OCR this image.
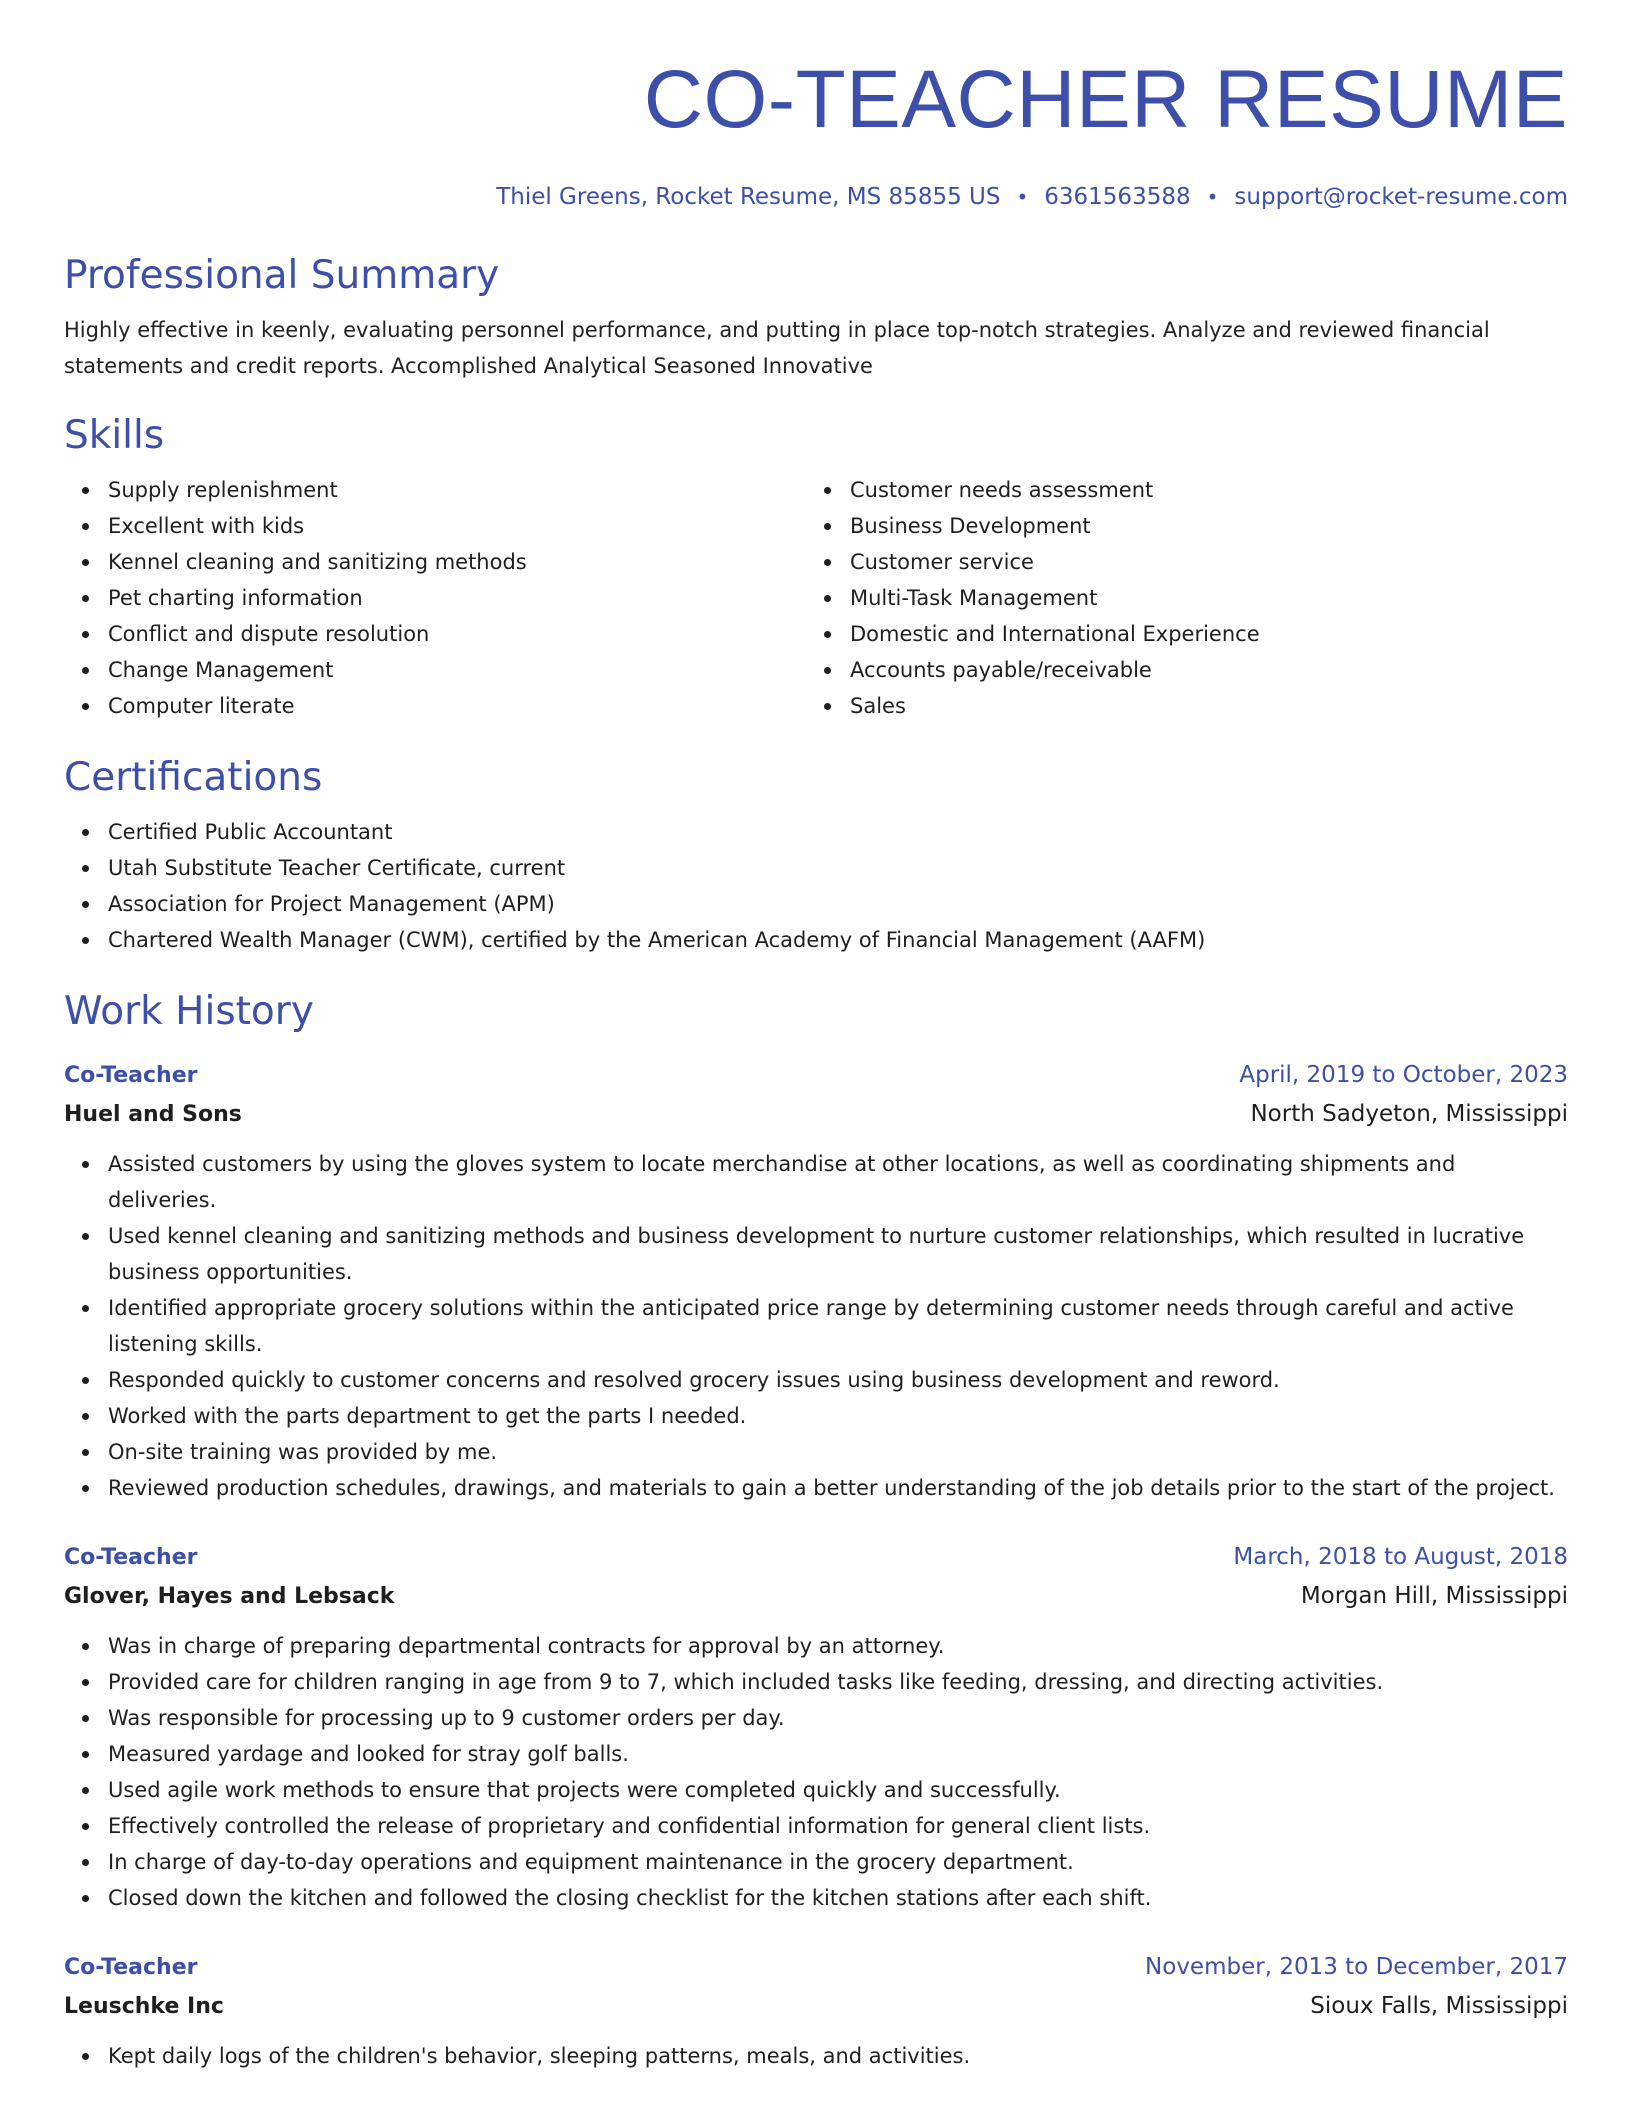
CO-TEACHER RESUME
Thiel Greens, Rocket Resume, MS 85855 US • 6361563588 • support@rocket-resume.com
Professional Summary
Highly effective in keenly, evaluating personnel performance, and putting in place top-notch strategies. Analyze and reviewed financial statements and credit reports. Accomplished Analytical Seasoned Innovative
Skills
Supply replenishment
Excellent with kids
Kennel cleaning and sanitizing methods
Pet charting information
Conflict and dispute resolution
Change Management
Computer literate
Customer needs assessment
Business Development
Customer service
Multi-Task Management
Domestic and International Experience
Accounts payable/receivable
Sales
Certifications
Certified Public Accountant
Utah Substitute Teacher Certificate, current
Association for Project Management (APM)
Chartered Wealth Manager (CWM), certified by the American Academy of Financial Management (AAFM)
Work History
Co-Teacher	April, 2019 to October, 2023
Huel and Sons	North Sadyeton, Mississippi
Assisted customers by using the gloves system to locate merchandise at other locations, as well as coordinating shipments and deliveries.
Used kennel cleaning and sanitizing methods and business development to nurture customer relationships, which resulted in lucrative business opportunities.
Identified appropriate grocery solutions within the anticipated price range by determining customer needs through careful and active listening skills.
Responded quickly to customer concerns and resolved grocery issues using business development and reword.
Worked with the parts department to get the parts I needed.
On-site training was provided by me.
Reviewed production schedules, drawings, and materials to gain a better understanding of the job details prior to the start of the project.
Co-Teacher	March, 2018 to August, 2018
Glover, Hayes and Lebsack	Morgan Hill, Mississippi
Was in charge of preparing departmental contracts for approval by an attorney.
Provided care for children ranging in age from 9 to 7, which included tasks like feeding, dressing, and directing activities.
Was responsible for processing up to 9 customer orders per day.
Measured yardage and looked for stray golf balls.
Used agile work methods to ensure that projects were completed quickly and successfully.
Effectively controlled the release of proprietary and confidential information for general client lists.
In charge of day-to-day operations and equipment maintenance in the grocery department.
Closed down the kitchen and followed the closing checklist for the kitchen stations after each shift.
Co-Teacher	November, 2013 to December, 2017
Leuschke Inc	Sioux Falls, Mississippi
Kept daily logs of the children's behavior, sleeping patterns, meals, and activities.
